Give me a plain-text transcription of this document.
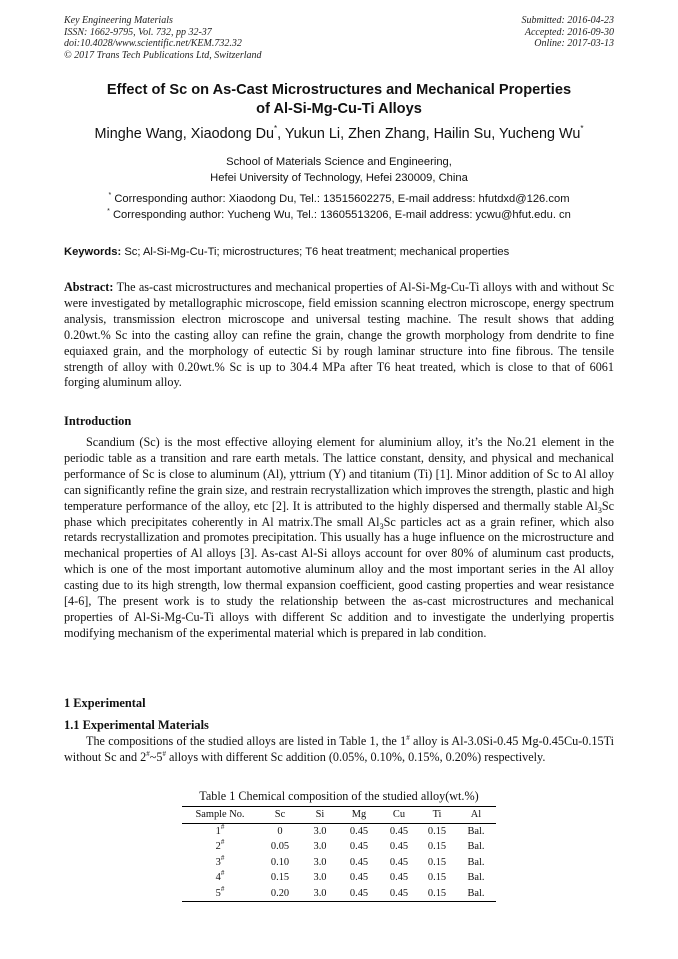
Key Engineering Materials
ISSN: 1662-9795, Vol. 732, pp 32-37
doi:10.4028/www.scientific.net/KEM.732.32
© 2017 Trans Tech Publications Ltd, Switzerland
Submitted: 2016-04-23
Accepted: 2016-09-30
Online: 2017-03-13
Effect of Sc on As-Cast Microstructures and Mechanical Properties
of Al-Si-Mg-Cu-Ti Alloys
Minghe Wang, Xiaodong Du*, Yukun Li, Zhen Zhang, Hailin Su, Yucheng Wu*
School of Materials Science and Engineering,
Hefei University of Technology, Hefei 230009, China
* Corresponding author: Xiaodong Du, Tel.: 13515602275, E-mail address: hfutdxd@126.com
* Corresponding author: Yucheng Wu, Tel.: 13605513206, E-mail address: ycwu@hfut.edu. cn
Keywords: Sc; Al-Si-Mg-Cu-Ti; microstructures; T6 heat treatment; mechanical properties
Abstract: The as-cast microstructures and mechanical properties of Al-Si-Mg-Cu-Ti alloys with and without Sc were investigated by metallographic microscope, field emission scanning electron microscope, energy spectrum analysis, transmission electron microscope and universal testing machine. The result shows that adding 0.20wt.% Sc into the casting alloy can refine the grain, change the growth morphology from dendrite to fine equiaxed grain, and the morphology of eutectic Si by rough laminar structure into fine fibrous. The tensile strength of alloy with 0.20wt.% Sc is up to 304.4 MPa after T6 heat treated, which is close to that of 6061 forging aluminum alloy.
Introduction
Scandium (Sc) is the most effective alloying element for aluminium alloy, it’s the No.21 element in the periodic table as a transition and rare earth metals. The lattice constant, density, and physical and mechanical performance of Sc is close to aluminum (Al), yttrium (Y) and titanium (Ti) [1]. Minor addition of Sc to Al alloy can significantly refine the grain size, and restrain recrystallization which improves the strength, plastic and high temperature performance of the alloy, etc [2]. It is attributed to the highly dispersed and thermally stable $Al_3Sc$ phase which precipitates coherently in Al matrix.The small $Al_3Sc$ particles act as a grain refiner, which also retards recrystallization and promotes precipitation. This usually has a huge influence on the microstructure and mechanical properties of Al alloys [3]. As-cast Al-Si alloys account for over 80% of aluminum cast products, which is one of the most important automotive aluminum alloy and the most important series in the Al alloy casting due to its high strength, low thermal expansion coefficient, good casting properties and wear resistance [4-6], The present work is to study the relationship between the as-cast microstructures and mechanical properties of Al-Si-Mg-Cu-Ti alloys with different Sc addition and to investigate the underlying propertis modifying mechanism of the experimental material which is prepared in lab condition.
1 Experimental
1.1 Experimental Materials
The compositions of the studied alloys are listed in Table 1, the 1# alloy is Al-3.0Si-0.45 Mg-0.45Cu-0.15Ti without Sc and 2#~5# alloys with different Sc addition (0.05%, 0.10%, 0.15%, 0.20%) respectively.
Table 1 Chemical composition of the studied alloy(wt.%)
Sample No.	Sc	Si	Mg	Cu	Ti	Al
1#	0	3.0	0.45	0.45	0.15	Bal.
2#	0.05	3.0	0.45	0.45	0.15	Bal.
3#	0.10	3.0	0.45	0.45	0.15	Bal.
4#	0.15	3.0	0.45	0.45	0.15	Bal.
5#	0.20	3.0	0.45	0.45	0.15	Bal.
